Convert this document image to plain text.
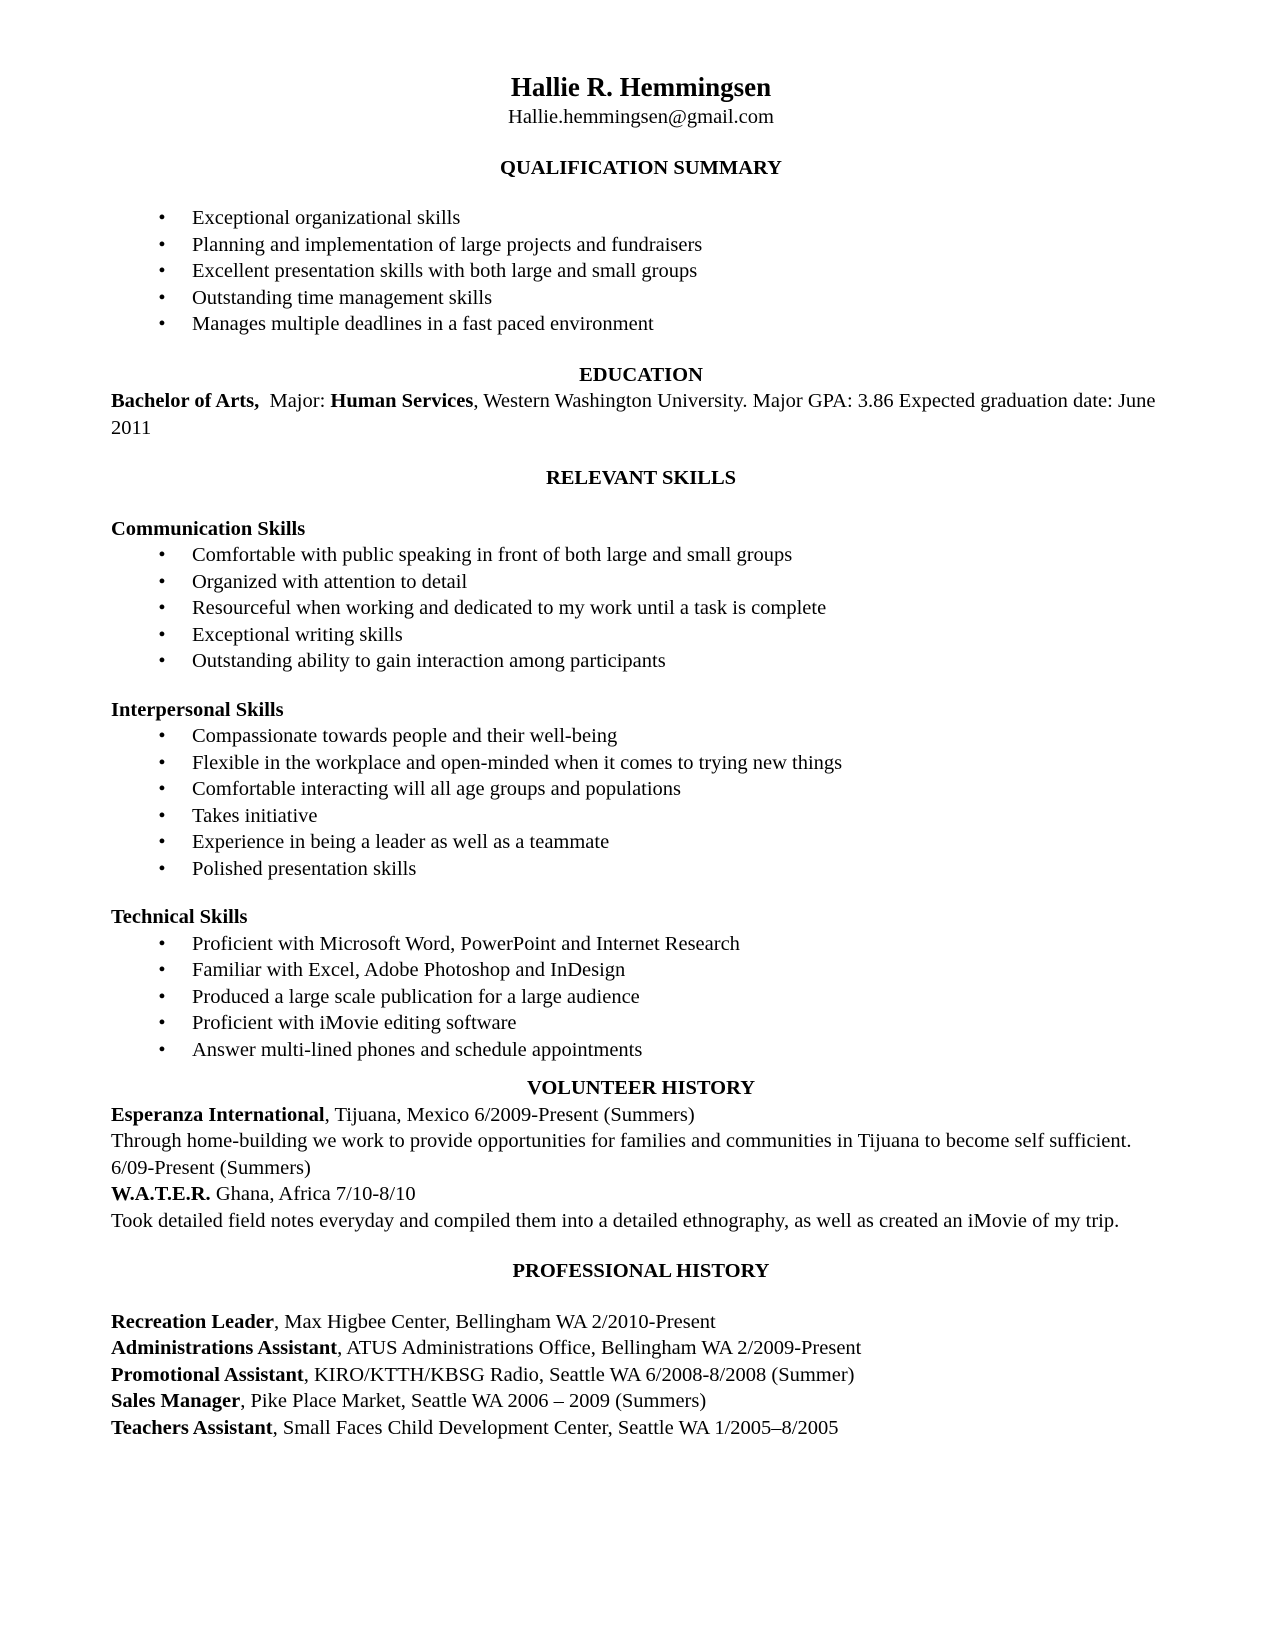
Hallie R. Hemmingsen
Hallie.hemmingsen@gmail.com
QUALIFICATION SUMMARY
• Exceptional organizational skills
• Planning and implementation of large projects and fundraisers
• Excellent presentation skills with both large and small groups
• Outstanding time management skills
• Manages multiple deadlines in a fast paced environment
EDUCATION

Bachelor of Arts, Major: Human Services, Western Washington University. Major GPA: 3.86 Expected graduation date: June 2011

RELEVANT SKILLS
Communication Skills
• Comfortable with public speaking in front of both large and small groups
• Organized with attention to detail
• Resourceful when working and dedicated to my work until a task is complete
• Exceptional writing skills
• Outstanding ability to gain interaction among participants
Interpersonal Skills
• Compassionate towards people and their well-being
• Flexible in the workplace and open-minded when it comes to trying new things
• Comfortable interacting will all age groups and populations
• Takes initiative
• Experience in being a leader as well as a teammate
• Polished presentation skills
Technical Skills
• Proficient with Microsoft Word, PowerPoint and Internet Research
• Familiar with Excel, Adobe Photoshop and InDesign
• Produced a large scale publication for a large audience
• Proficient with iMovie editing software
• Answer multi-lined phones and schedule appointments
VOLUNTEER HISTORY

Esperanza International, Tijuana, Mexico 6/2009-Present (Summers)

Through home-building we work to provide opportunities for families and communities in Tijuana to become self sufficient. 6/09-Present (Summers)

W.A.T.E.R. Ghana, Africa 7/10-8/10

Took detailed field notes everyday and compiled them into a detailed ethnography, as well as created an iMovie of my trip.

PROFESSIONAL HISTORY

Recreation Leader, Max Higbee Center, Bellingham WA 2/2010-Present

Administrations Assistant, ATUS Administrations Office, Bellingham WA 2/2009-Present

Promotional Assistant, KIRO/KTTH/KBSG Radio, Seattle WA 6/2008-8/2008 (Summer)

Sales Manager, Pike Place Market, Seattle WA 2006 – 2009 (Summers)

Teachers Assistant, Small Faces Child Development Center, Seattle WA 1/2005–8/2005
